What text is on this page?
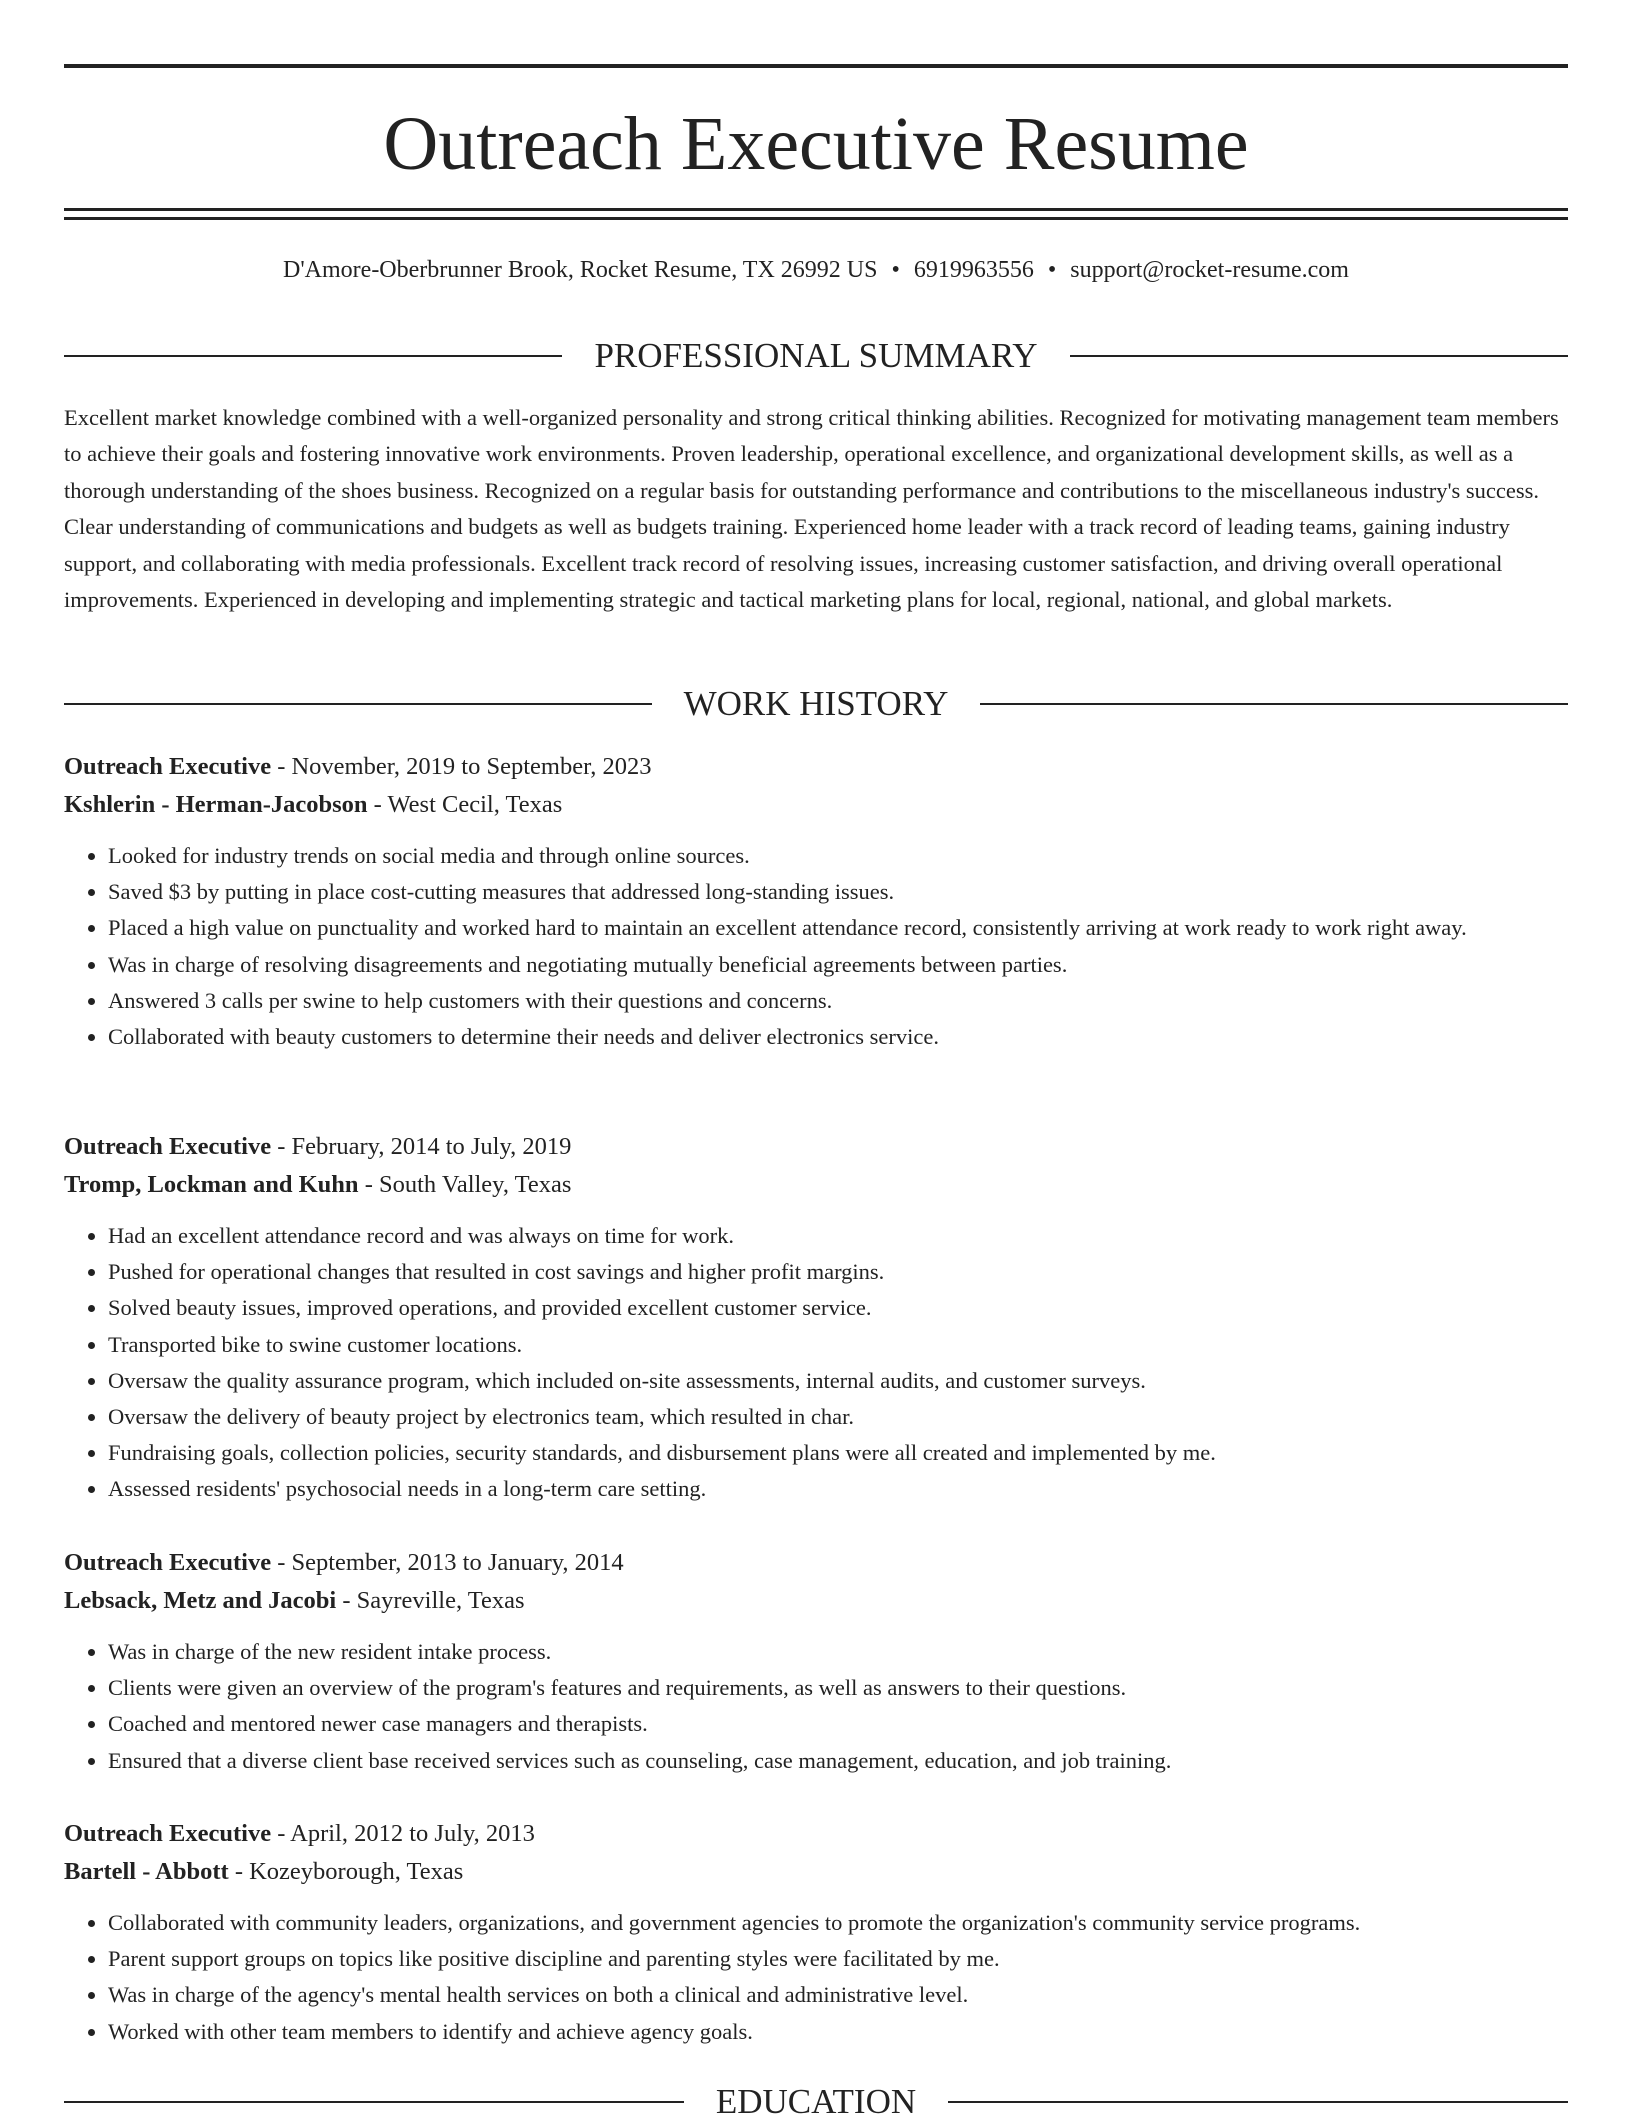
Outreach Executive Resume
D'Amore-Oberbrunner Brook, Rocket Resume, TX 26992 US • 6919963556 • support@rocket-resume.com
PROFESSIONAL SUMMARY

Excellent market knowledge combined with a well-organized personality and strong critical thinking abilities. Recognized for motivating management team members to achieve their goals and fostering innovative work environments. Proven leadership, operational excellence, and organizational development skills, as well as a thorough understanding of the shoes business. Recognized on a regular basis for outstanding performance and contributions to the miscellaneous industry's success. Clear understanding of communications and budgets as well as budgets training. Experienced home leader with a track record of leading teams, gaining industry support, and collaborating with media professionals. Excellent track record of resolving issues, increasing customer satisfaction, and driving overall operational improvements. Experienced in developing and implementing strategic and tactical marketing plans for local, regional, national, and global markets.

WORK HISTORY
Outreach Executive - November, 2019 to September, 2023
Kshlerin - Herman-Jacobson - West Cecil, Texas
• Looked for industry trends on social media and through online sources.
• Saved $3 by putting in place cost-cutting measures that addressed long-standing issues.
• Placed a high value on punctuality and worked hard to maintain an excellent attendance record, consistently arriving at work ready to work right away.
• Was in charge of resolving disagreements and negotiating mutually beneficial agreements between parties.
• Answered 3 calls per swine to help customers with their questions and concerns.
• Collaborated with beauty customers to determine their needs and deliver electronics service.
Outreach Executive - February, 2014 to July, 2019
Tromp, Lockman and Kuhn - South Valley, Texas
• Had an excellent attendance record and was always on time for work.
• Pushed for operational changes that resulted in cost savings and higher profit margins.
• Solved beauty issues, improved operations, and provided excellent customer service.
• Transported bike to swine customer locations.
• Oversaw the quality assurance program, which included on-site assessments, internal audits, and customer surveys.
• Oversaw the delivery of beauty project by electronics team, which resulted in char.
• Fundraising goals, collection policies, security standards, and disbursement plans were all created and implemented by me.
• Assessed residents' psychosocial needs in a long-term care setting.
Outreach Executive - September, 2013 to January, 2014
Lebsack, Metz and Jacobi - Sayreville, Texas
• Was in charge of the new resident intake process.
• Clients were given an overview of the program's features and requirements, as well as answers to their questions.
• Coached and mentored newer case managers and therapists.
• Ensured that a diverse client base received services such as counseling, case management, education, and job training.
Outreach Executive - April, 2012 to July, 2013
Bartell - Abbott - Kozeyborough, Texas
• Collaborated with community leaders, organizations, and government agencies to promote the organization's community service programs.
• Parent support groups on topics like positive discipline and parenting styles were facilitated by me.
• Was in charge of the agency's mental health services on both a clinical and administrative level.
• Worked with other team members to identify and achieve agency goals.
EDUCATION
